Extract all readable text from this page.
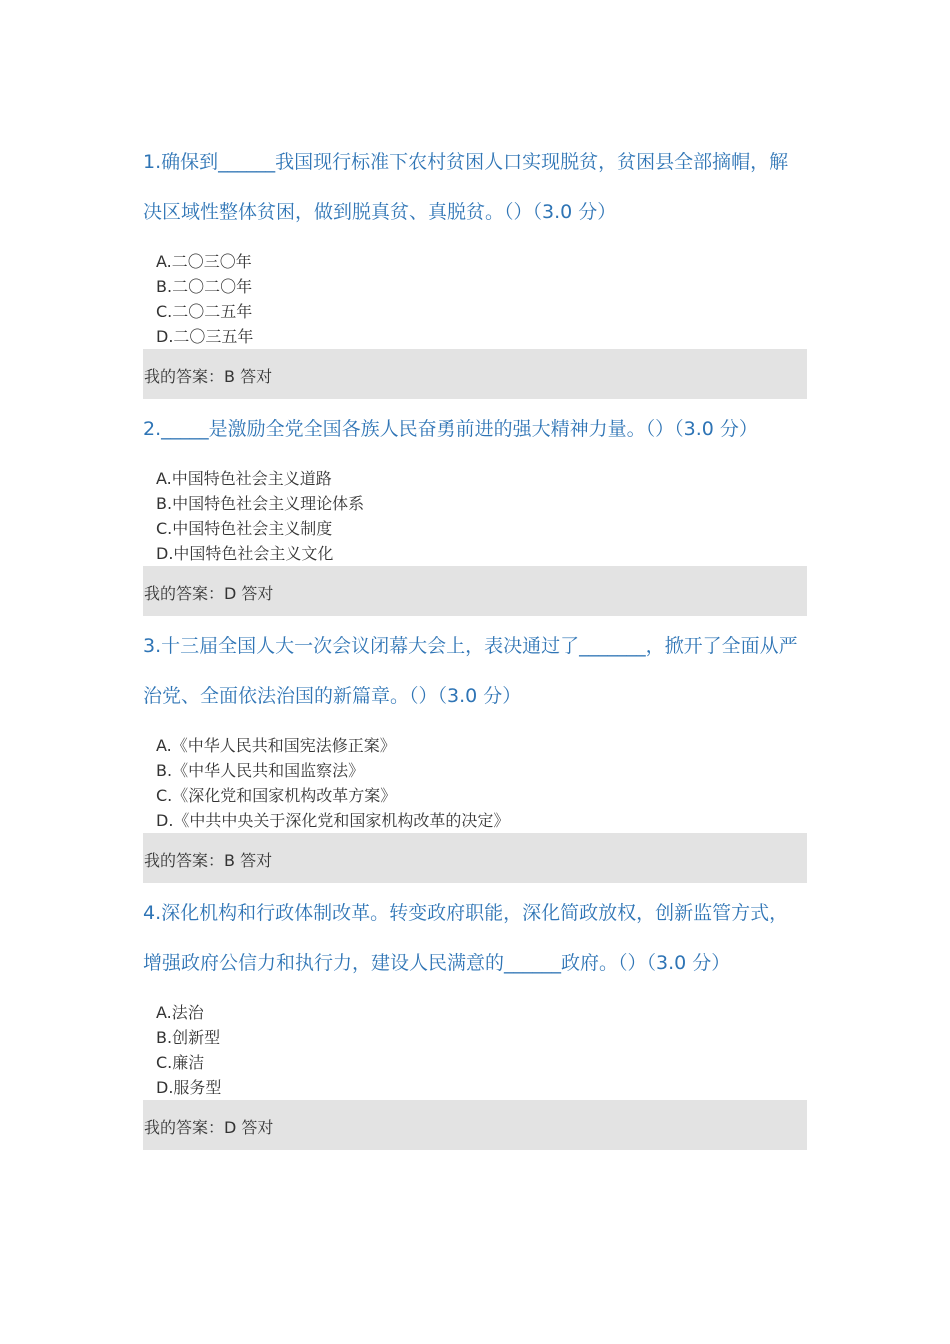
1.确保到______我国现行标准下农村贫困人口实现脱贫，贫困县全部摘帽，解决区域性整体贫困，做到脱真贫、真脱贫。（）（3.0 分）

A.二〇三〇年
B.二〇二〇年
C.二〇二五年
D.二〇三五年
我的答案：B 答对

2._____是激励全党全国各族人民奋勇前进的强大精神力量。（）（3.0 分）

A.中国特色社会主义道路
B.中国特色社会主义理论体系
C.中国特色社会主义制度
D.中国特色社会主义文化
我的答案：D 答对

3.十三届全国人大一次会议闭幕大会上，表决通过了_______，掀开了全面从严治党、全面依法治国的新篇章。（）（3.0 分）

A.《中华人民共和国宪法修正案》
B.《中华人民共和国监察法》
C.《深化党和国家机构改革方案》
D.《中共中央关于深化党和国家机构改革的决定》
我的答案：B 答对

4.深化机构和行政体制改革。转变政府职能，深化简政放权，创新监管方式，增强政府公信力和执行力，建设人民满意的______政府。（）（3.0 分）

A.法治
B.创新型
C.廉洁
D.服务型
我的答案：D 答对
